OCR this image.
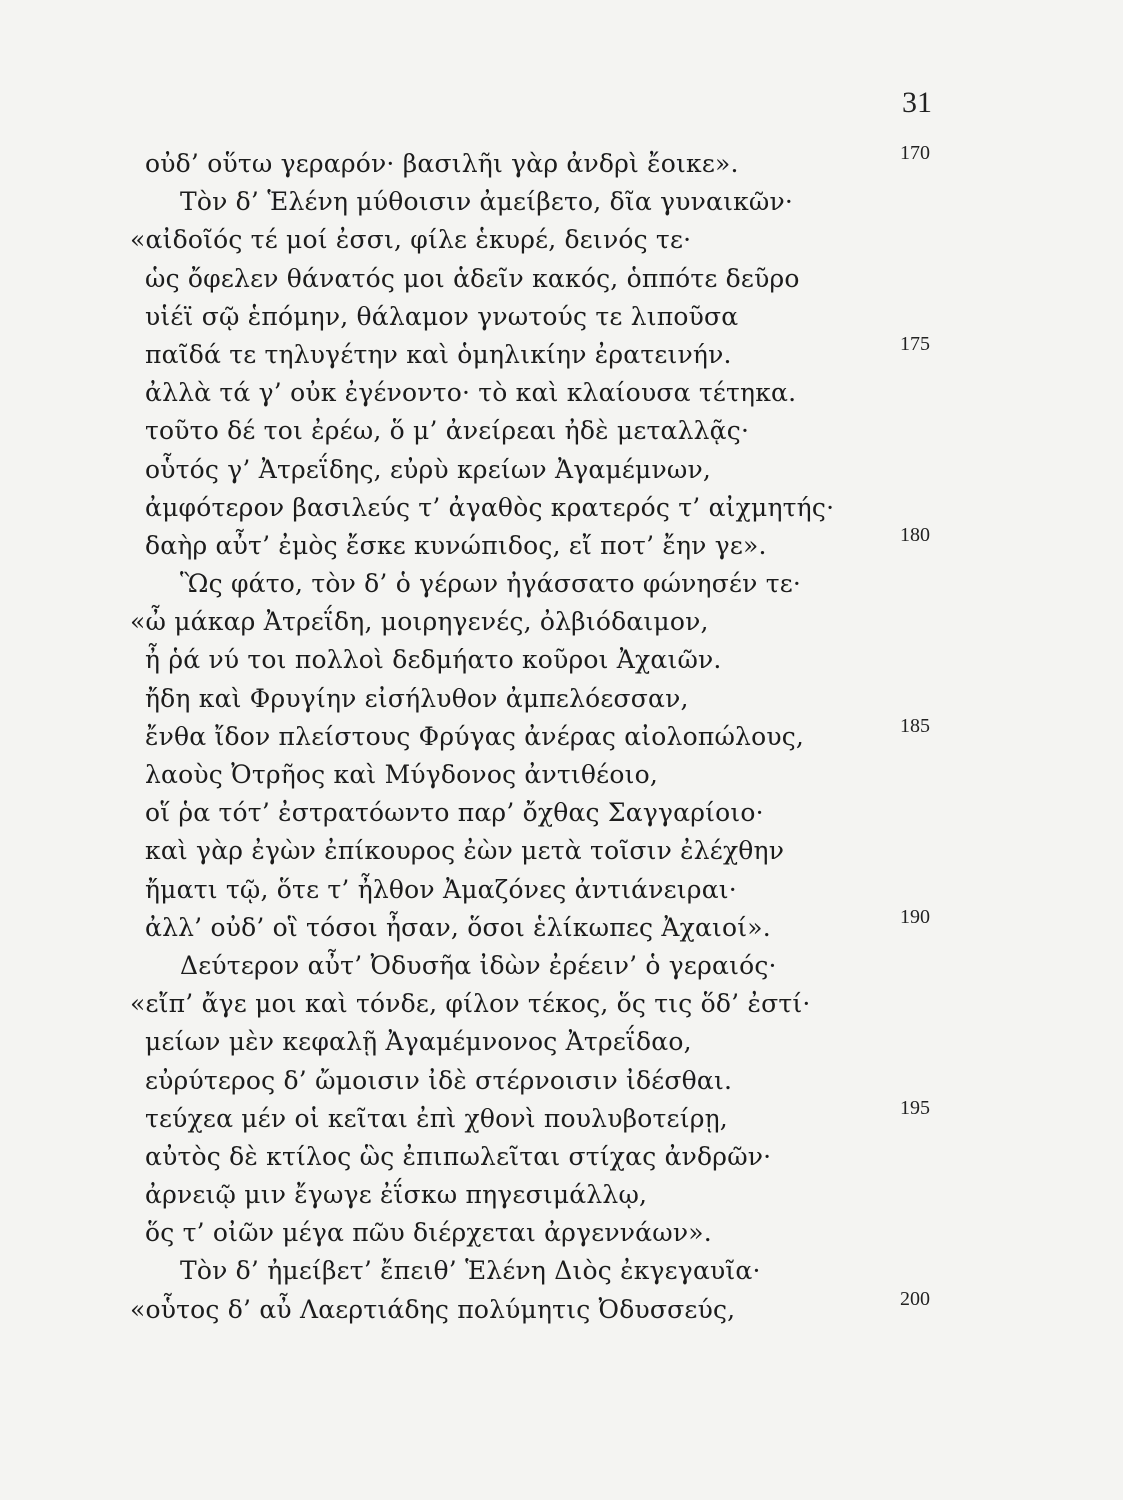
31
οὐδ’ οὕτω γεραρόν· βασιλῆι γὰρ ἀνδρὶ ἔοικε».	170
Τὸν δ’ Ἑλένη μύθοισιν ἀμείβετο, δῖα γυναικῶν·
«αἰδοῖός τέ μοί ἐσσι, φίλε ἑκυρέ, δεινός τε·
ὡς ὄφελεν θάνατός μοι ἁδεῖν κακός, ὁππότε δεῦρο
υἱέϊ σῷ ἑπόμην, θάλαμον γνωτούς τε λιποῦσα
παῖδά τε τηλυγέτην καὶ ὁμηλικίην ἐρατεινήν.	175
ἀλλὰ τά γ’ οὐκ ἐγένοντο· τὸ καὶ κλαίουσα τέτηκα.
τοῦτο δέ τοι ἐρέω, ὅ μ’ ἀνείρεαι ἠδὲ μεταλλᾷς·
οὗτός γ’ Ἀτρεΐδης, εὐρὺ κρείων Ἀγαμέμνων,
ἀμφότερον βασιλεύς τ’ ἀγαθὸς κρατερός τ’ αἰχμητής·
δαὴρ αὖτ’ ἐμὸς ἔσκε κυνώπιδος, εἴ ποτ’ ἔην γε».	180
Ὣς φάτο, τὸν δ’ ὁ γέρων ἠγάσσατο φώνησέν τε·
«ὦ μάκαρ Ἀτρεΐδη, μοιρηγενές, ὀλβιόδαιμον,
ἦ ῥά νύ τοι πολλοὶ δεδμήατο κοῦροι Ἀχαιῶν.
ἤδη καὶ Φρυγίην εἰσήλυθον ἀμπελόεσσαν,
ἔνθα ἴδον πλείστους Φρύγας ἀνέρας αἰολοπώλους,	185
λαοὺς Ὀτρῆος καὶ Μύγδονος ἀντιθέοιο,
οἵ ῥα τότ’ ἐστρατόωντο παρ’ ὄχθας Σαγγαρίοιο·
καὶ γὰρ ἐγὼν ἐπίκουρος ἐὼν μετὰ τοῖσιν ἐλέχθην
ἤματι τῷ, ὅτε τ’ ἦλθον Ἀμαζόνες ἀντιάνειραι·
ἀλλ’ οὐδ’ οἳ τόσοι ἦσαν, ὅσοι ἑλίκωπες Ἀχαιοί».	190
Δεύτερον αὖτ’ Ὀδυσῆα ἰδὼν ἐρέειν’ ὁ γεραιός·
«εἴπ’ ἄγε μοι καὶ τόνδε, φίλον τέκος, ὅς τις ὅδ’ ἐστί·
μείων μὲν κεφαλῇ Ἀγαμέμνονος Ἀτρεΐδαο,
εὐρύτερος δ’ ὤμοισιν ἰδὲ στέρνοισιν ἰδέσθαι.
τεύχεα μέν οἱ κεῖται ἐπὶ χθονὶ πουλυβοτείρῃ,	195
αὐτὸς δὲ κτίλος ὣς ἐπιπωλεῖται στίχας ἀνδρῶν·
ἀρνειῷ μιν ἔγωγε ἐΐσκω πηγεσιμάλλῳ,
ὅς τ’ οἰῶν μέγα πῶυ διέρχεται ἀργεννάων».
Τὸν δ’ ἠμείβετ’ ἔπειθ’ Ἑλένη Διὸς ἐκγεγαυῖα·
«οὗτος δ’ αὖ Λαερτιάδης πολύμητις Ὀδυσσεύς,	200
